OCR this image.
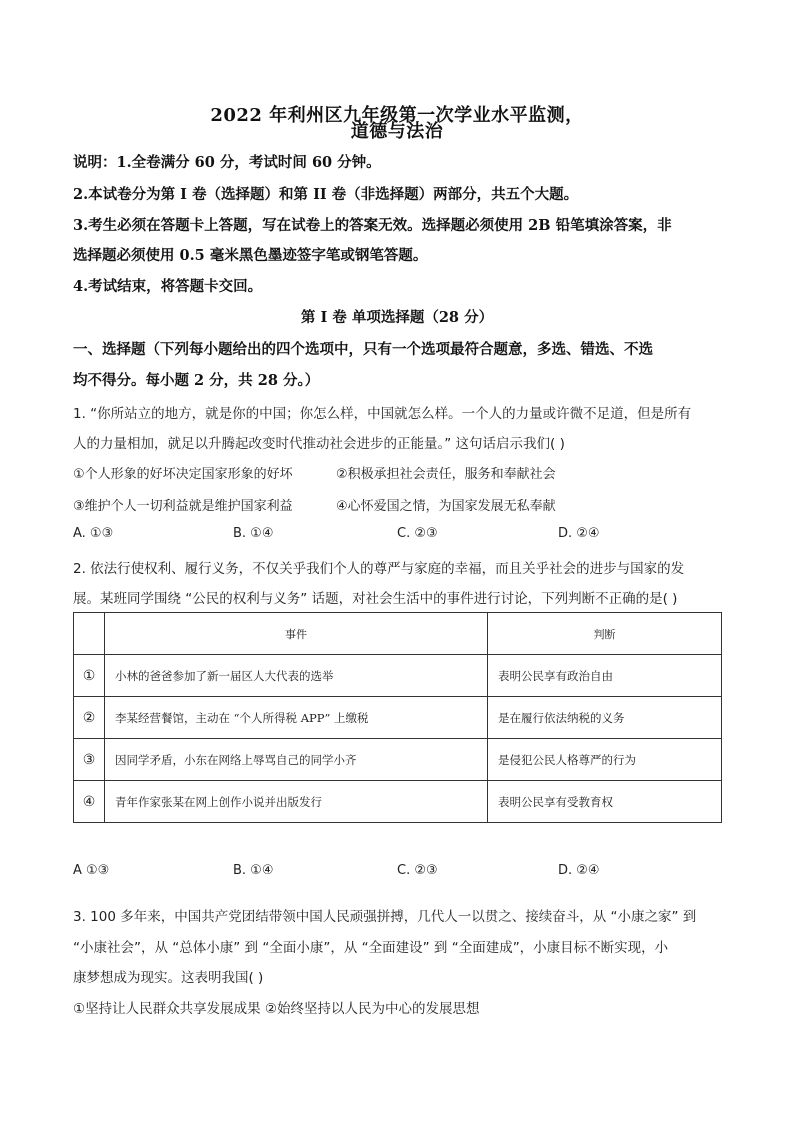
2022 年利州区九年级第一次学业水平监测，
道德与法治
说明：1.全卷满分 60 分，考试时间 60 分钟。
2.本试卷分为第 I 卷（选择题）和第 II 卷（非选择题）两部分，共五个大题。
3.考生必须在答题卡上答题，写在试卷上的答案无效。选择题必须使用 2B 铅笔填涂答案，非
选择题必须使用 0.5 毫米黑色墨迹签字笔或钢笔答题。
4.考试结束，将答题卡交回。
第 I 卷 单项选择题（28 分）
一、选择题（下列每小题给出的四个选项中，只有一个选项最符合题意，多选、错选、不选
均不得分。每小题 2 分，共 28 分。）
1. “你所站立的地方，就是你的中国；你怎么样，中国就怎么样。一个人的力量或许微不足道，但是所有
人的力量相加，就足以升腾起改变时代推动社会进步的正能量。” 这句话启示我们( )
①个人形象的好坏决定国家形象的好坏	②积极承担社会责任，服务和奉献社会
③维护个人一切利益就是维护国家利益	④心怀爱国之情，为国家发展无私奉献
A. ①③	B. ①④	C. ②③	D. ②④
2. 依法行使权利、履行义务，不仅关乎我们个人的尊严与家庭的幸福，而且关乎社会的进步与国家的发
展。某班同学围绕 “公民的权利与义务” 话题，对社会生活中的事件进行讨论，下列判断不正确的是( )
	事件	判断
①	小林的爸爸参加了新一届区人大代表的选举	表明公民享有政治自由
②	李某经营餐馆，主动在 “个人所得税 APP” 上缴税	是在履行依法纳税的义务
③	因同学矛盾，小东在网络上辱骂自己的同学小齐	是侵犯公民人格尊严的行为
④	青年作家张某在网上创作小说并出版发行	表明公民享有受教育权
A ①③	B. ①④	C. ②③	D. ②④
3. 100 多年来，中国共产党团结带领中国人民顽强拼搏，几代人一以贯之、接续奋斗，从 “小康之家” 到
“小康社会”，从 “总体小康” 到 “全面小康”，从 “全面建设” 到 “全面建成”，小康目标不断实现，小
康梦想成为现实。这表明我国( )
①坚持让人民群众共享发展成果 ②始终坚持以人民为中心的发展思想
